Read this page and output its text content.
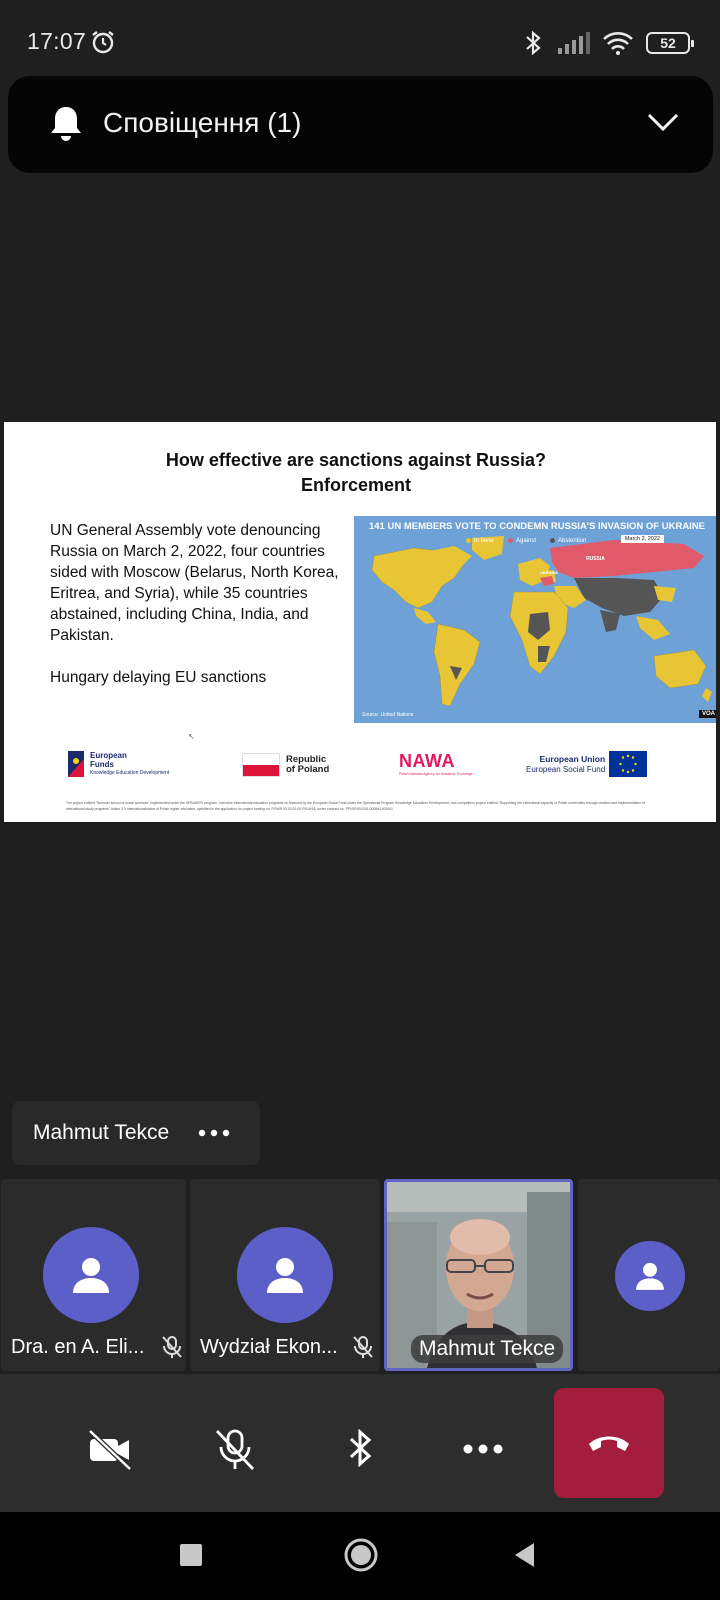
17:07	52
Сповіщення (1)
How effective are sanctions against Russia?
Enforcement

UN General Assembly vote denouncing Russia on March 2, 2022, four countries sided with Moscow (Belarus, North Korea, Eritrea, and Syria), while 35 countries abstained, including China, India, and Pakistan.

Hungary delaying EU sanctions

RUSSIA
UKRAINE
141 UN MEMBERS VOTE TO CONDEMN RUSSIA'S INVASION OF UKRAINE
In favor	Against	Abstention	March 2, 2022
Source: United Nations	VOA
↖
European
Funds
Knowledge Education Development
Republic
of Poland	NAWA
Polish National Agency for Academic Exchange
European Union
European Social Fund
The project entitled "Summer school of social sciences" implemented under the SPINAKER program - intensive international education programs co-financed by the European Social Fund under the Operational Program Knowledge Education Development, non-competition project entitled "Supporting the institutional capacity of Polish universities through creation and implementation of international study programs" Action 3.3 Internationalization of Polish higher education, specified in the application for project funding no. POWR.03.03.00-00-PN16/18, under contract no. PPI/SPI/2020/1/00084/U/00001.
Mahmut Tekce
Dra. en A. Eli...	Wydział Ekon...	Mahmut Tekce
